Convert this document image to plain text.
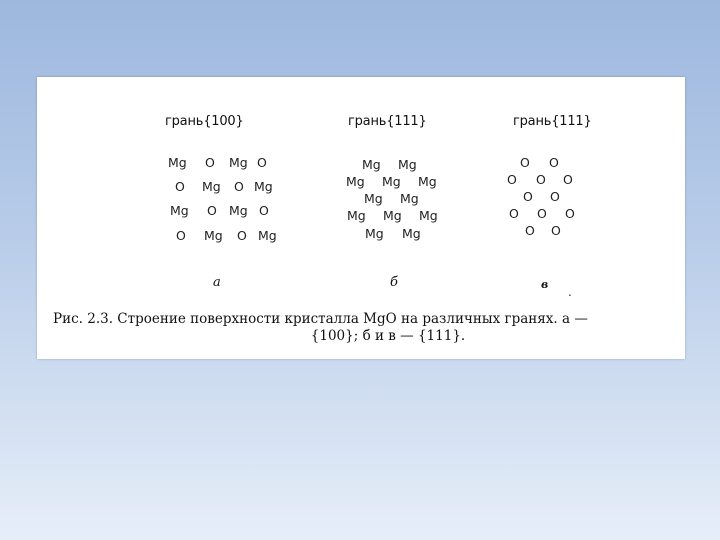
грань{100}
Mg O Mg O
O Mg O Mg
Mg O Mg O
O Mg O Mg
а
грань{111}
Mg Mg
Mg Mg Mg
Mg Mg
Mg Mg Mg
Mg Mg
б
грань{111}
O O
O O O
O O
O O O
O O
в
.
Рис. 2.3. Строение поверхности кристалла MgO на различных гранях. а —
{100}; б и в — {111}.
